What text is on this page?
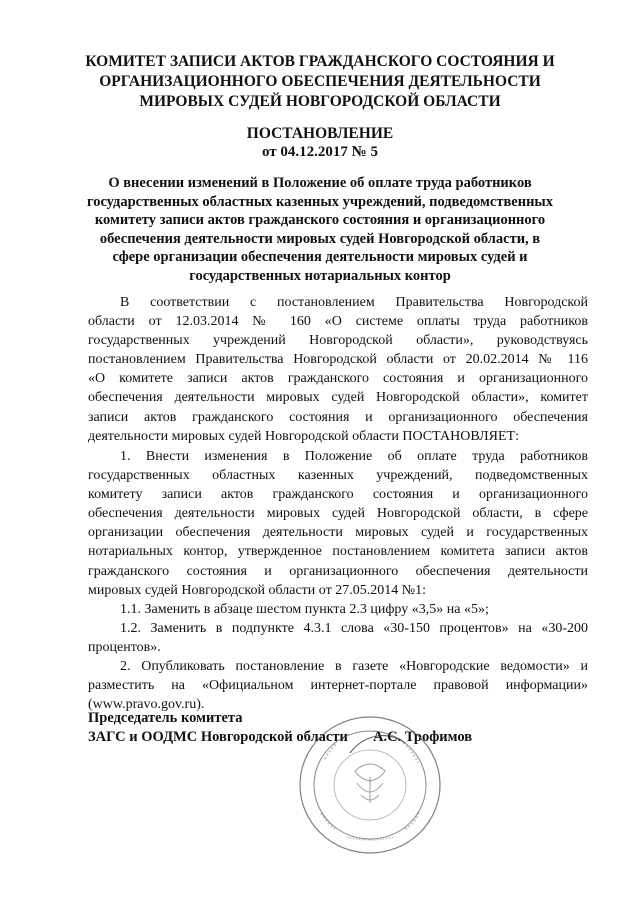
КОМИТЕТ ЗАПИСИ АКТОВ ГРАЖДАНСКОГО СОСТОЯНИЯ И
ОРГАНИЗАЦИОННОГО ОБЕСПЕЧЕНИЯ ДЕЯТЕЛЬНОСТИ
МИРОВЫХ СУДЕЙ НОВГОРОДСКОЙ ОБЛАСТИ
ПОСТАНОВЛЕНИЕ
от 04.12.2017 № 5
О внесении изменений в Положение об оплате труда работников
государственных областных казенных учреждений, подведомственных
комитету записи актов гражданского состояния и организационного
обеспечения деятельности мировых судей Новгородской области, в
сфере организации обеспечения деятельности мировых судей и
государственных нотариальных контор
В соответствии с постановлением Правительства Новгородской
области от 12.03.2014 № 160 «О системе оплаты труда работников
государственных учреждений Новгородской области», руководствуясь
постановлением Правительства Новгородской области от 20.02.2014 № 116
«О комитете записи актов гражданского состояния и организационного
обеспечения деятельности мировых судей Новгородской области», комитет
записи актов гражданского состояния и организационного обеспечения
деятельности мировых судей Новгородской области ПОСТАНОВЛЯЕТ:
1. Внести изменения в Положение об оплате труда работников
государственных областных казенных учреждений, подведомственных
комитету записи актов гражданского состояния и организационного
обеспечения деятельности мировых судей Новгородской области, в сфере
организации обеспечения деятельности мировых судей и государственных
нотариальных контор, утвержденное постановлением комитета записи актов
гражданского состояния и организационного обеспечения деятельности
мировых судей Новгородской области от 27.05.2014 №1:
1.1. Заменить в абзаце шестом пункта 2.3 цифру «3,5» на «5»;
1.2. Заменить в подпункте 4.3.1 слова «30-150 процентов» на «30-200
процентов».
2. Опубликовать постановление в газете «Новгородские ведомости» и
разместить на «Официальном интернет-портале правовой информации»
(www.pravo.gov.ru).
Председатель комитета
ЗАГС и ООДМС Новгородской области А.С. Трофимов
